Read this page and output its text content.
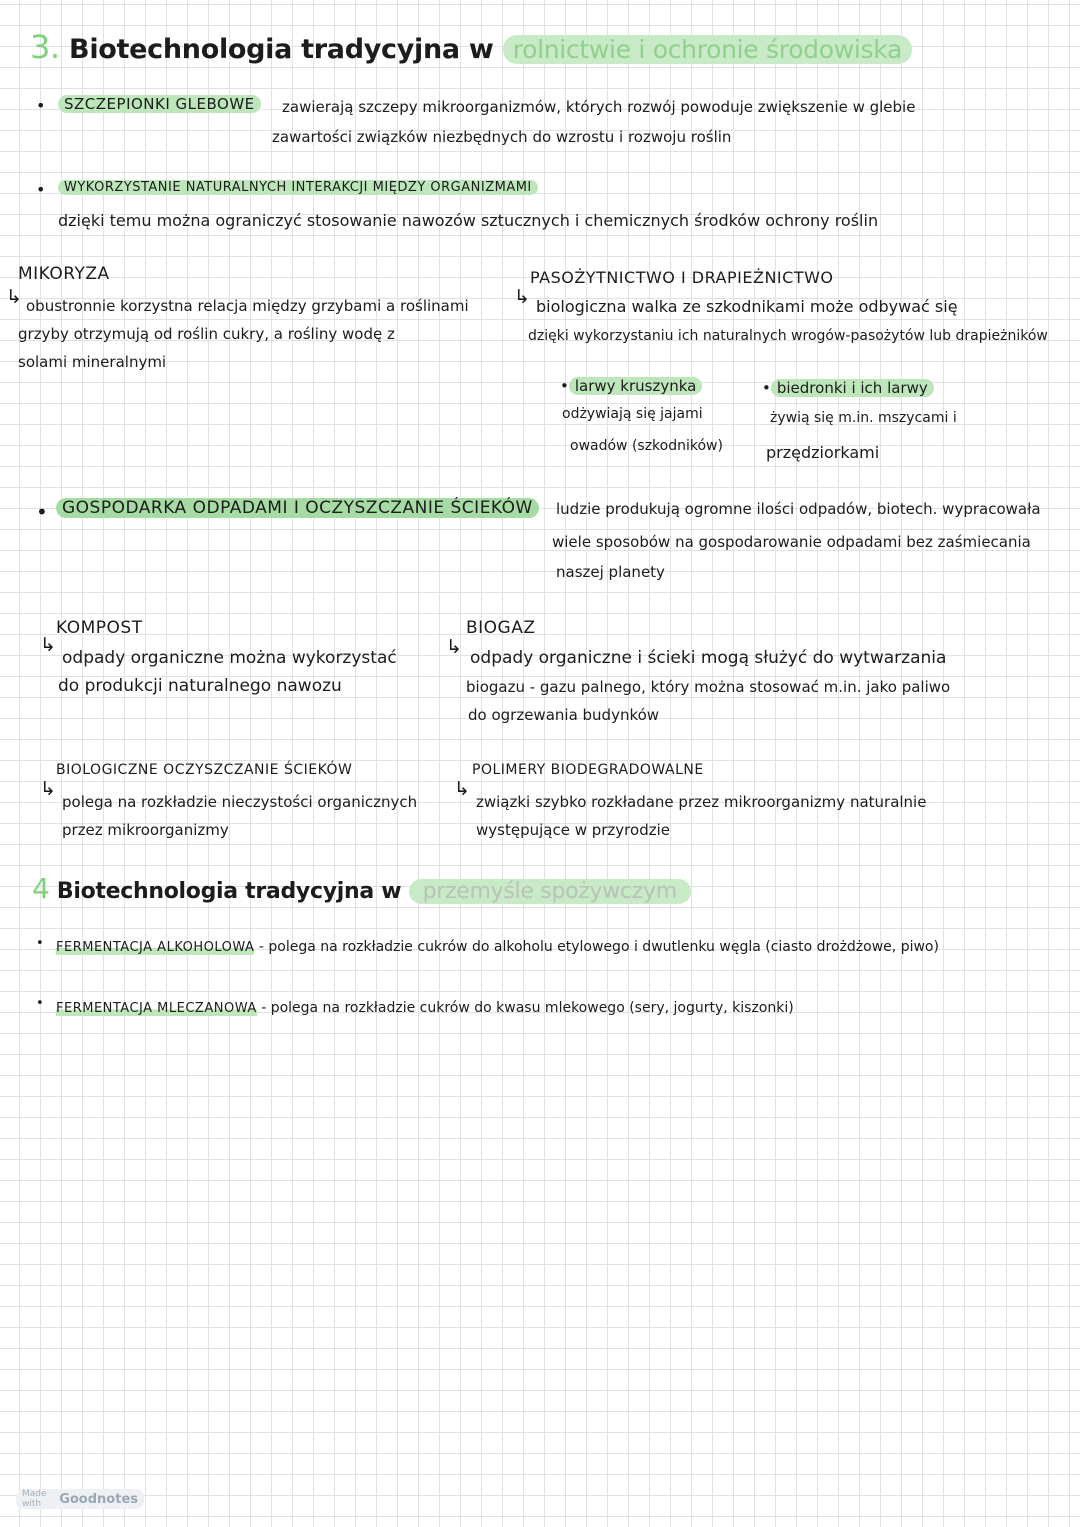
3. Biotechnologia tradycyjna w rolnictwie i ochronie środowiska
•	SZCZEPIONKI GLEBOWE	zawierają szczepy mikroorganizmów, których rozwój powoduje zwiększenie w glebie
zawartości związków niezbędnych do wzrostu i rozwoju roślin
•	WYKORZYSTANIE NATURALNYCH INTERAKCJI MIĘDZY ORGANIZMAMI
dzięki temu można ograniczyć stosowanie nawozów sztucznych i chemicznych środków ochrony roślin
MIKORYZA
↳ obustronnie korzystna relacja między grzybami a roślinami
grzyby otrzymują od roślin cukry, a rośliny wodę z
solami mineralnymi
PASOŻYTNICTWO I DRAPIEŻNICTWO
↳ biologiczna walka ze szkodnikami może odbywać się
dzięki wykorzystaniu ich naturalnych wrogów-pasożytów lub drapieżników
• larwy kruszynka
odżywiają się jajami
owadów (szkodników)
• biedronki i ich larwy
żywią się m.in. mszycami i
przędziorkami
• GOSPODARKA ODPADAMI I OCZYSZCZANIE ŚCIEKÓW	ludzie produkują ogromne ilości odpadów, biotech. wypracowała
wiele sposobów na gospodarowanie odpadami bez zaśmiecania
naszej planety
KOMPOST
↳
odpady organiczne można wykorzystać
do produkcji naturalnego nawozu
BIOGAZ
↳ odpady organiczne i ścieki mogą służyć do wytwarzania
biogazu - gazu palnego, który można stosować m.in. jako paliwo
do ogrzewania budynków
BIOLOGICZNE OCZYSZCZANIE ŚCIEKÓW
↳
polega na rozkładzie nieczystości organicznych
przez mikroorganizmy
POLIMERY BIODEGRADOWALNE
↳
związki szybko rozkładane przez mikroorganizmy naturalnie
występujące w przyrodzie
4 Biotechnologia tradycyjna w przemyśle spożywczym
• FERMENTACJA ALKOHOLOWA - polega na rozkładzie cukrów do alkoholu etylowego i dwutlenku węgla (ciasto drożdżowe, piwo)
• FERMENTACJA MLECZANOWA - polega na rozkładzie cukrów do kwasu mlekowego (sery, jogurty, kiszonki)
Made with	Goodnotes
